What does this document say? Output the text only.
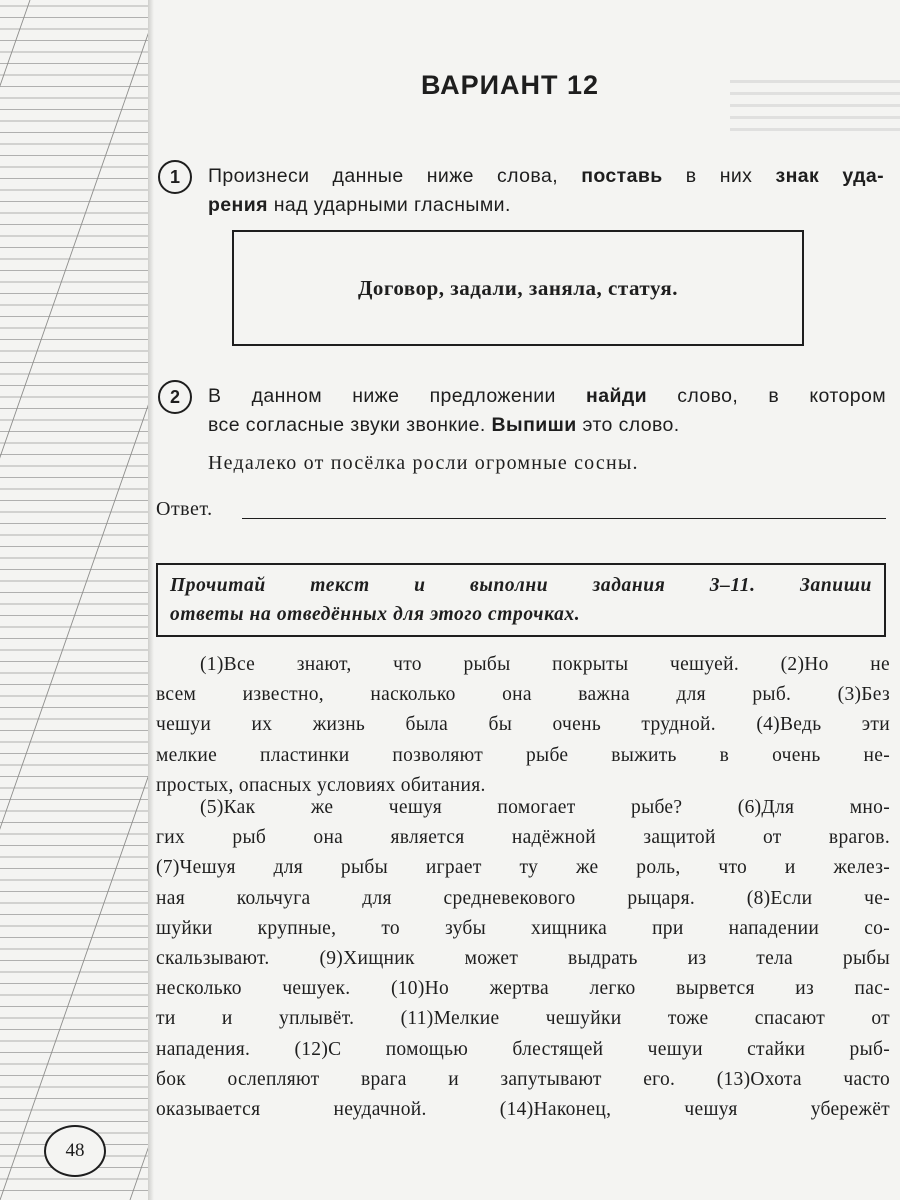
ВАРИАНТ 12
1	Произнеси данные ниже слова, поставь в них знак уда-
рения над ударными гласными.
Договор, задали, заняла, статуя.
2	В данном ниже предложении найди слово, в котором
все согласные звуки звонкие. Выпиши это слово.
Недалеко от посёлка росли огромные сосны.
Ответ.
Прочитай текст и выполни задания 3–11. Запиши
ответы на отведённых для этого строчках.
(1)Все знают, что рыбы покрыты чешуей. (2)Но не
всем известно, насколько она важна для рыб. (3)Без
чешуи их жизнь была бы очень трудной. (4)Ведь эти
мелкие пластинки позволяют рыбе выжить в очень не-
простых, опасных условиях обитания.
(5)Как же чешуя помогает рыбе? (6)Для мно-
гих рыб она является надёжной защитой от врагов.
(7)Чешуя для рыбы играет ту же роль, что и желез-
ная кольчуга для средневекового рыцаря. (8)Если че-
шуйки крупные, то зубы хищника при нападении со-
скальзывают. (9)Хищник может выдрать из тела рыбы
несколько чешуек. (10)Но жертва легко вырвется из пас-
ти и уплывёт. (11)Мелкие чешуйки тоже спасают от
нападения. (12)С помощью блестящей чешуи стайки рыб-
бок ослепляют врага и запутывают его. (13)Охота часто
оказывается неудачной. (14)Наконец, чешуя убережёт
48
